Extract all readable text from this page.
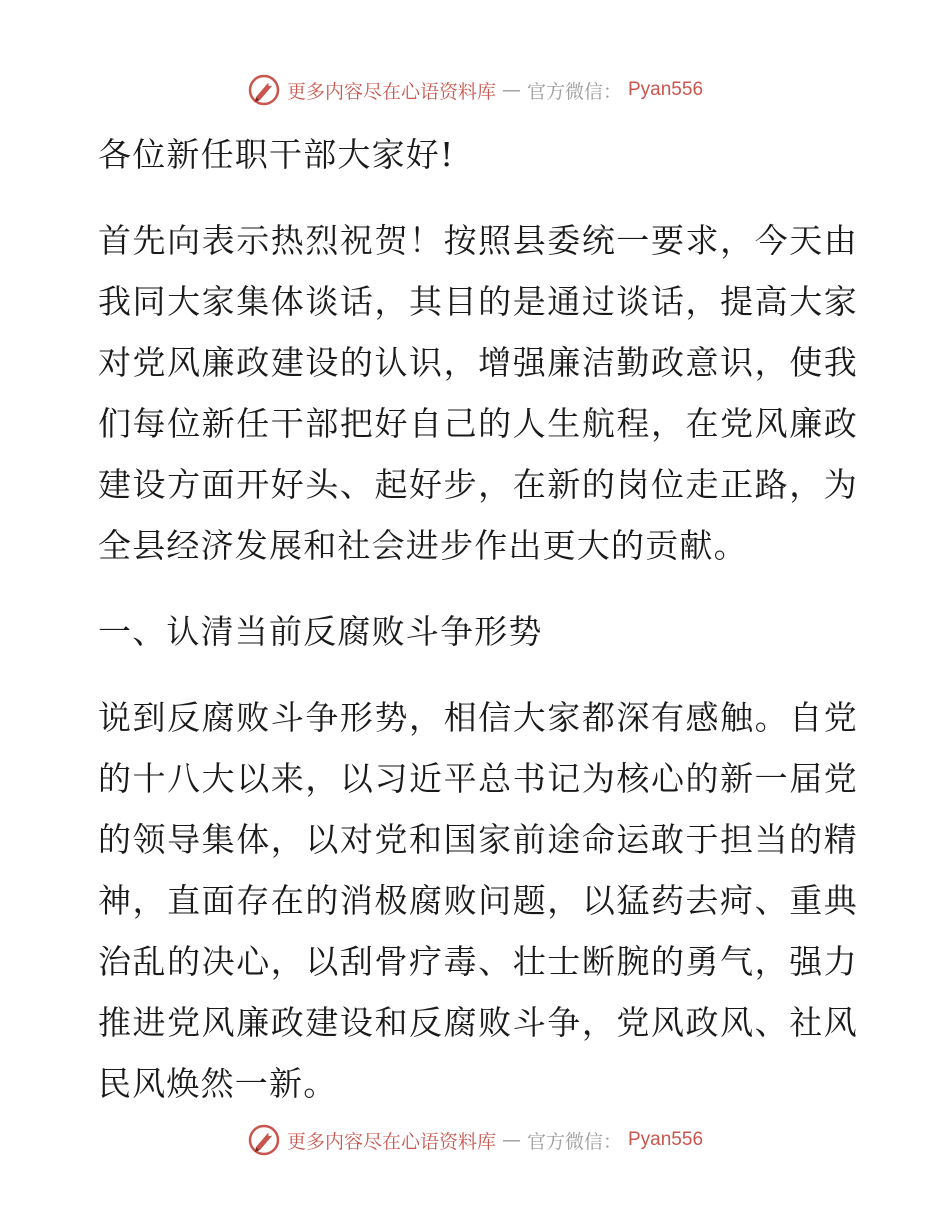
更多内容尽在心语资料库 — 官方微信： Pyan556

各位新任职干部大家好!

首先向表示热烈祝贺！按照县委统一要求，今天由我同大家集体谈话，其目的是通过谈话，提高大家对党风廉政建设的认识，增强廉洁勤政意识，使我们每位新任干部把好自己的人生航程，在党风廉政建设方面开好头、起好步，在新的岗位走正路，为全县经济发展和社会进步作出更大的贡献。

一、认清当前反腐败斗争形势

说到反腐败斗争形势，相信大家都深有感触。自党的十八大以来，以习近平总书记为核心的新一届党的领导集体，以对党和国家前途命运敢于担当的精神，直面存在的消极腐败问题，以猛药去疴、重典治乱的决心，以刮骨疗毒、壮士断腕的勇气，强力推进党风廉政建设和反腐败斗争，党风政风、社风民风焕然一新。

更多内容尽在心语资料库 — 官方微信： Pyan556
